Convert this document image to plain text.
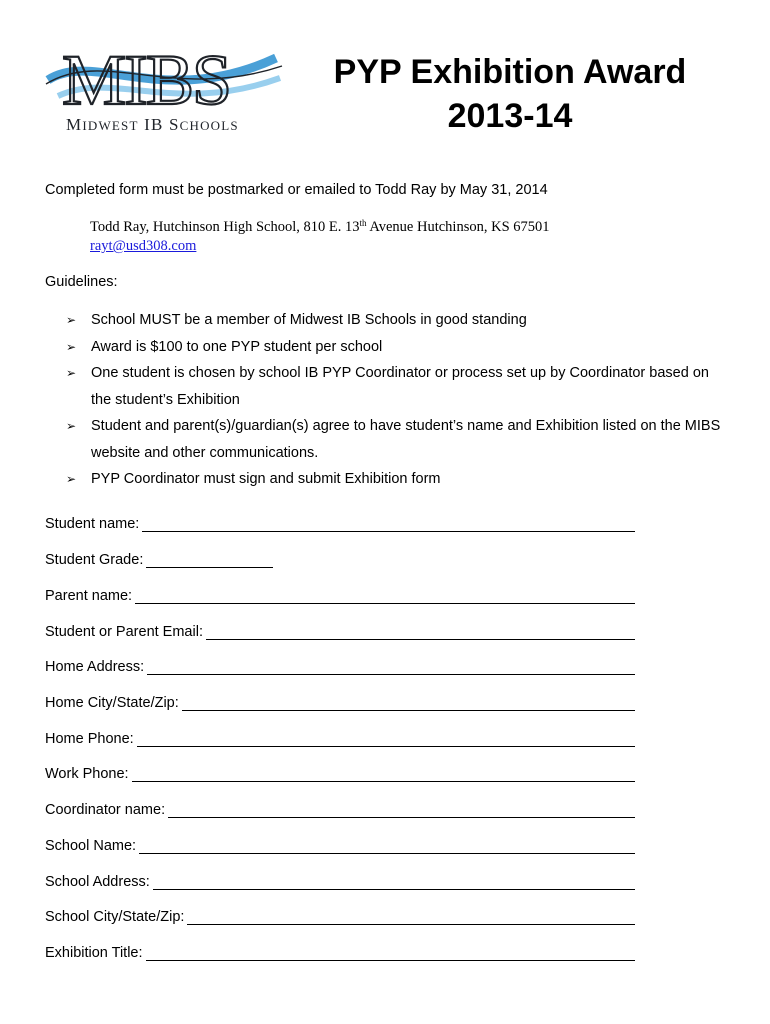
MIBS
MIDWEST IB SCHOOLS
PYP Exhibition Award
2013-14
Completed form must be postmarked or emailed to Todd Ray by May 31, 2014
Todd Ray, Hutchinson High School, 810 E. 13th Avenue Hutchinson, KS 67501
rayt@usd308.com
Guidelines:
➢ School MUST be a member of Midwest IB Schools in good standing
➢ Award is $100 to one PYP student per school
➢ One student is chosen by school IB PYP Coordinator or process set up by Coordinator based on the student’s Exhibition
➢ Student and parent(s)/guardian(s) agree to have student’s name and Exhibition listed on the MIBS website and other communications.
➢ PYP Coordinator must sign and submit Exhibition form
Student name:
Student Grade:
Parent name:
Student or Parent Email:
Home Address:
Home City/State/Zip:
Home Phone:
Work Phone:
Coordinator name:
School Name:
School Address:
School City/State/Zip:
Exhibition Title:
